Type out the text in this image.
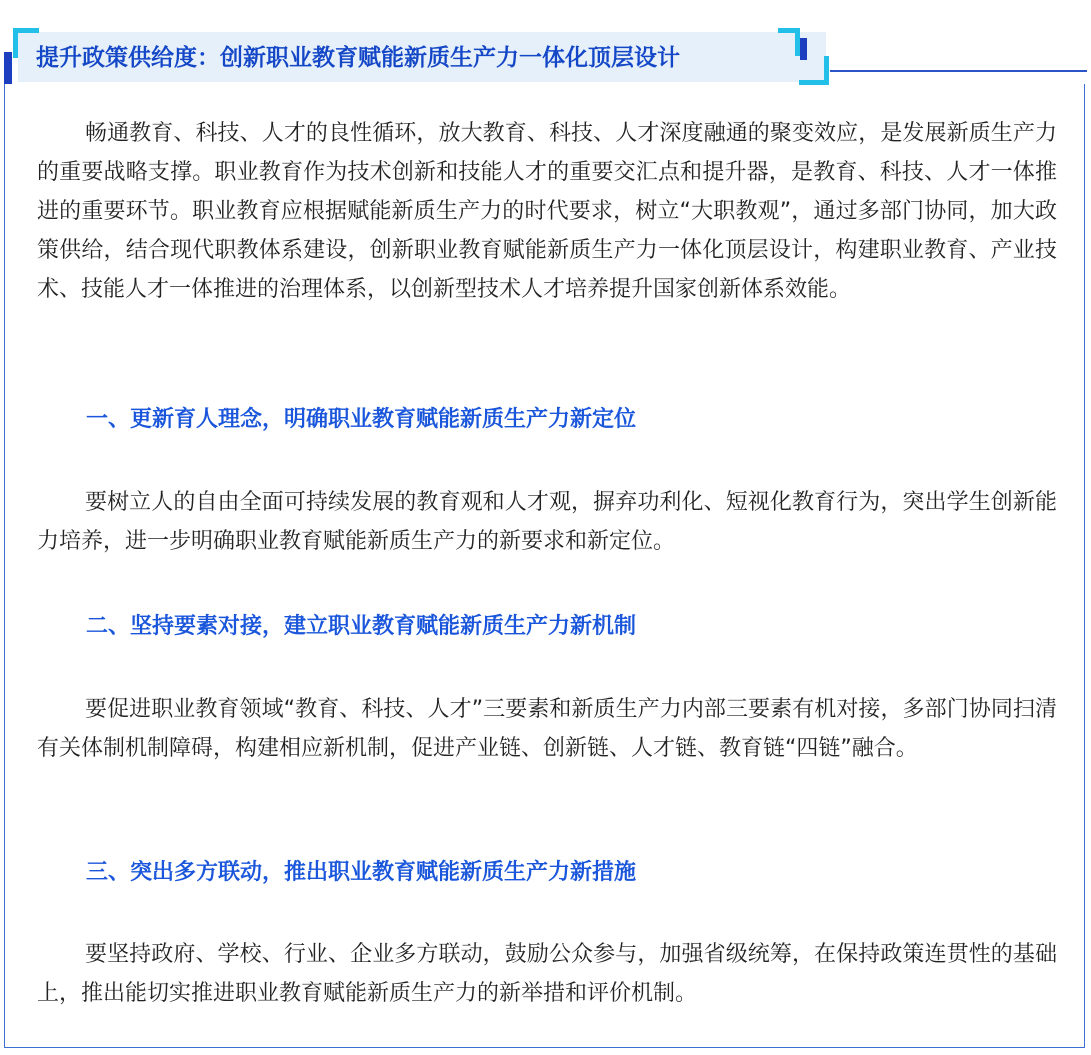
提升政策供给度：创新职业教育赋能新质生产力一体化顶层设计

畅通教育、科技、人才的良性循环，放大教育、科技、人才深度融通的聚变效应，是发展新质生产力的重要战略支撑。职业教育作为技术创新和技能人才的重要交汇点和提升器，是教育、科技、人才一体推进的重要环节。职业教育应根据赋能新质生产力的时代要求，树立“大职教观”，通过多部门协同，加大政策供给，结合现代职教体系建设，创新职业教育赋能新质生产力一体化顶层设计，构建职业教育、产业技术、技能人才一体推进的治理体系，以创新型技术人才培养提升国家创新体系效能。

一、更新育人理念，明确职业教育赋能新质生产力新定位

要树立人的自由全面可持续发展的教育观和人才观，摒弃功利化、短视化教育行为，突出学生创新能力培养，进一步明确职业教育赋能新质生产力的新要求和新定位。

二、坚持要素对接，建立职业教育赋能新质生产力新机制

要促进职业教育领域“教育、科技、人才”三要素和新质生产力内部三要素有机对接，多部门协同扫清有关体制机制障碍，构建相应新机制，促进产业链、创新链、人才链、教育链“四链”融合。

三、突出多方联动，推出职业教育赋能新质生产力新措施

要坚持政府、学校、行业、企业多方联动，鼓励公众参与，加强省级统筹，在保持政策连贯性的基础上，推出能切实推进职业教育赋能新质生产力的新举措和评价机制。
